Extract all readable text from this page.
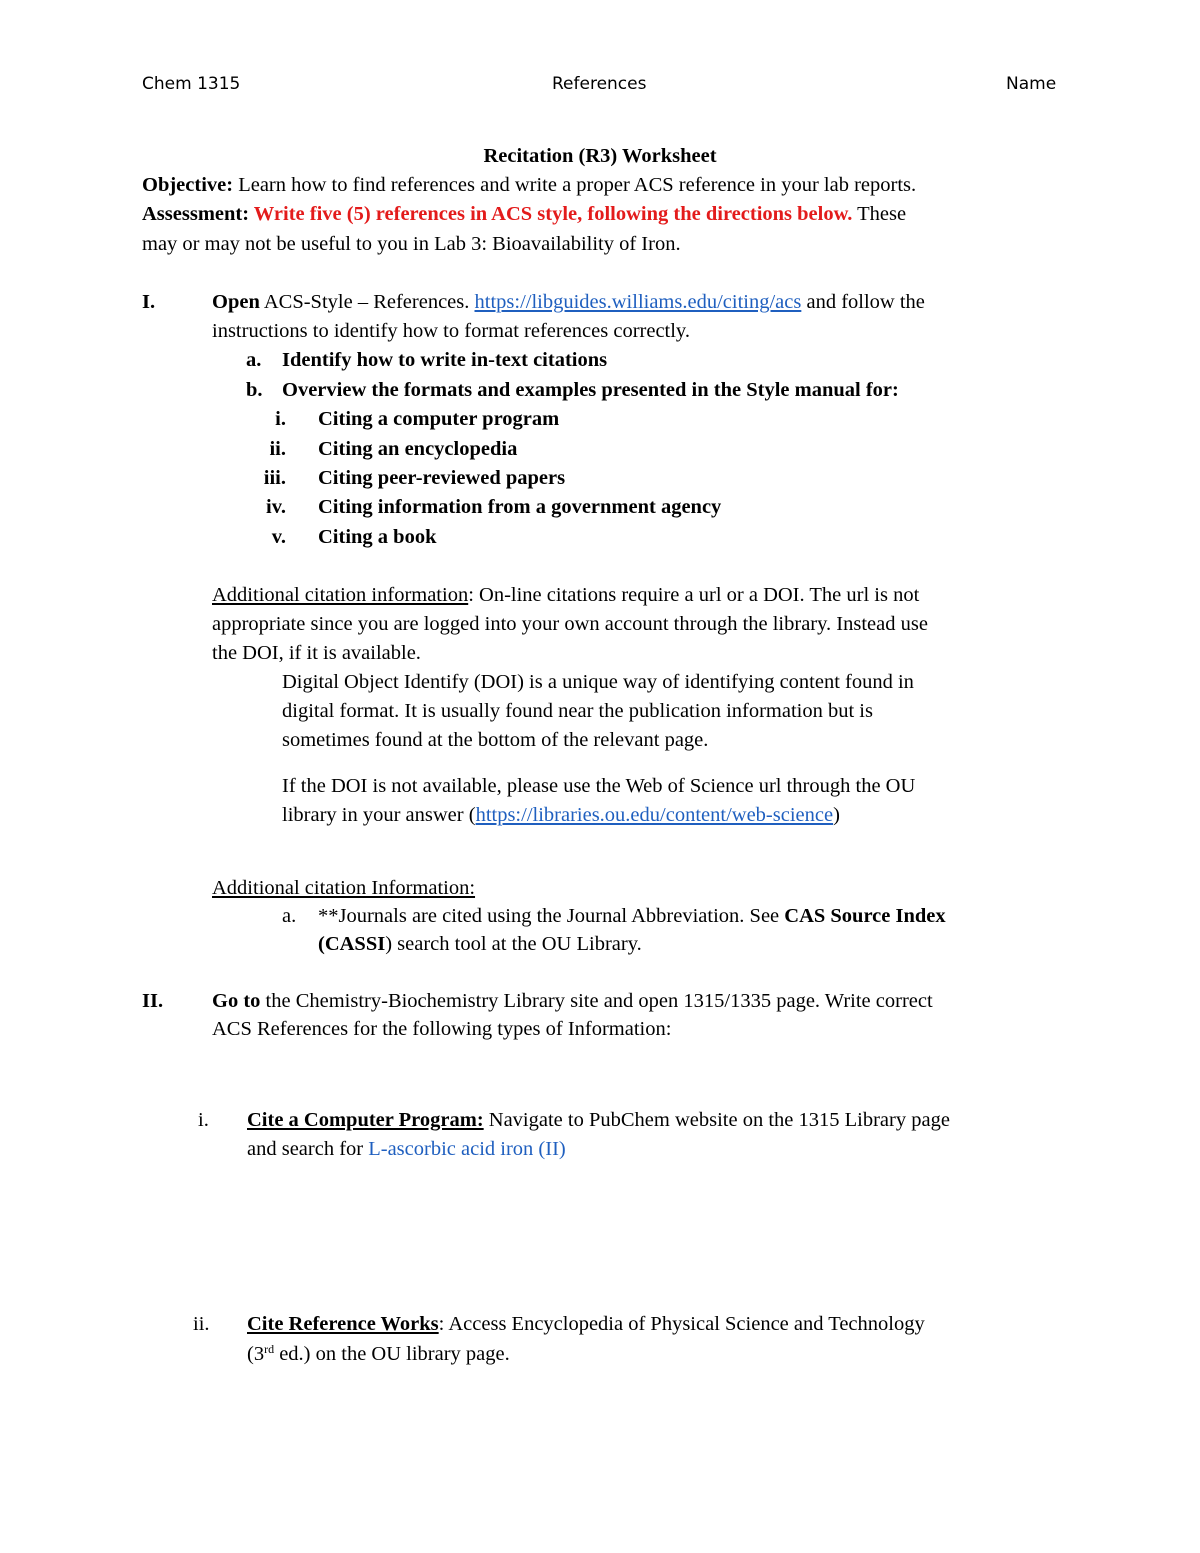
Chem 1315	References	Name
Recitation (R3) Worksheet
Objective: Learn how to find references and write a proper ACS reference in your lab reports.
Assessment: Write five (5) references in ACS style, following the directions below. These
may or may not be useful to you in Lab 3: Bioavailability of Iron.
I.	Open ACS-Style – References. https://libguides.williams.edu/citing/acs and follow the
instructions to identify how to format references correctly.
a. Identify how to write in-text citations
b. Overview the formats and examples presented in the Style manual for:
i. Citing a computer program
ii. Citing an encyclopedia
iii. Citing peer-reviewed papers
iv. Citing information from a government agency
v. Citing a book
Additional citation information: On-line citations require a url or a DOI. The url is not
appropriate since you are logged into your own account through the library. Instead use
the DOI, if it is available.
Digital Object Identify (DOI) is a unique way of identifying content found in
digital format. It is usually found near the publication information but is
sometimes found at the bottom of the relevant page.
If the DOI is not available, please use the Web of Science url through the OU
library in your answer (https://libraries.ou.edu/content/web-science)
Additional citation Information:
a. **Journals are cited using the Journal Abbreviation. See CAS Source Index
(CASSI) search tool at the OU Library.
II. Go to the Chemistry-Biochemistry Library site and open 1315/1335 page. Write correct
ACS References for the following types of Information:
i. Cite a Computer Program: Navigate to PubChem website on the 1315 Library page
and search for L-ascorbic acid iron (II)
ii. Cite Reference Works: Access Encyclopedia of Physical Science and Technology
(3rd ed.) on the OU library page.
